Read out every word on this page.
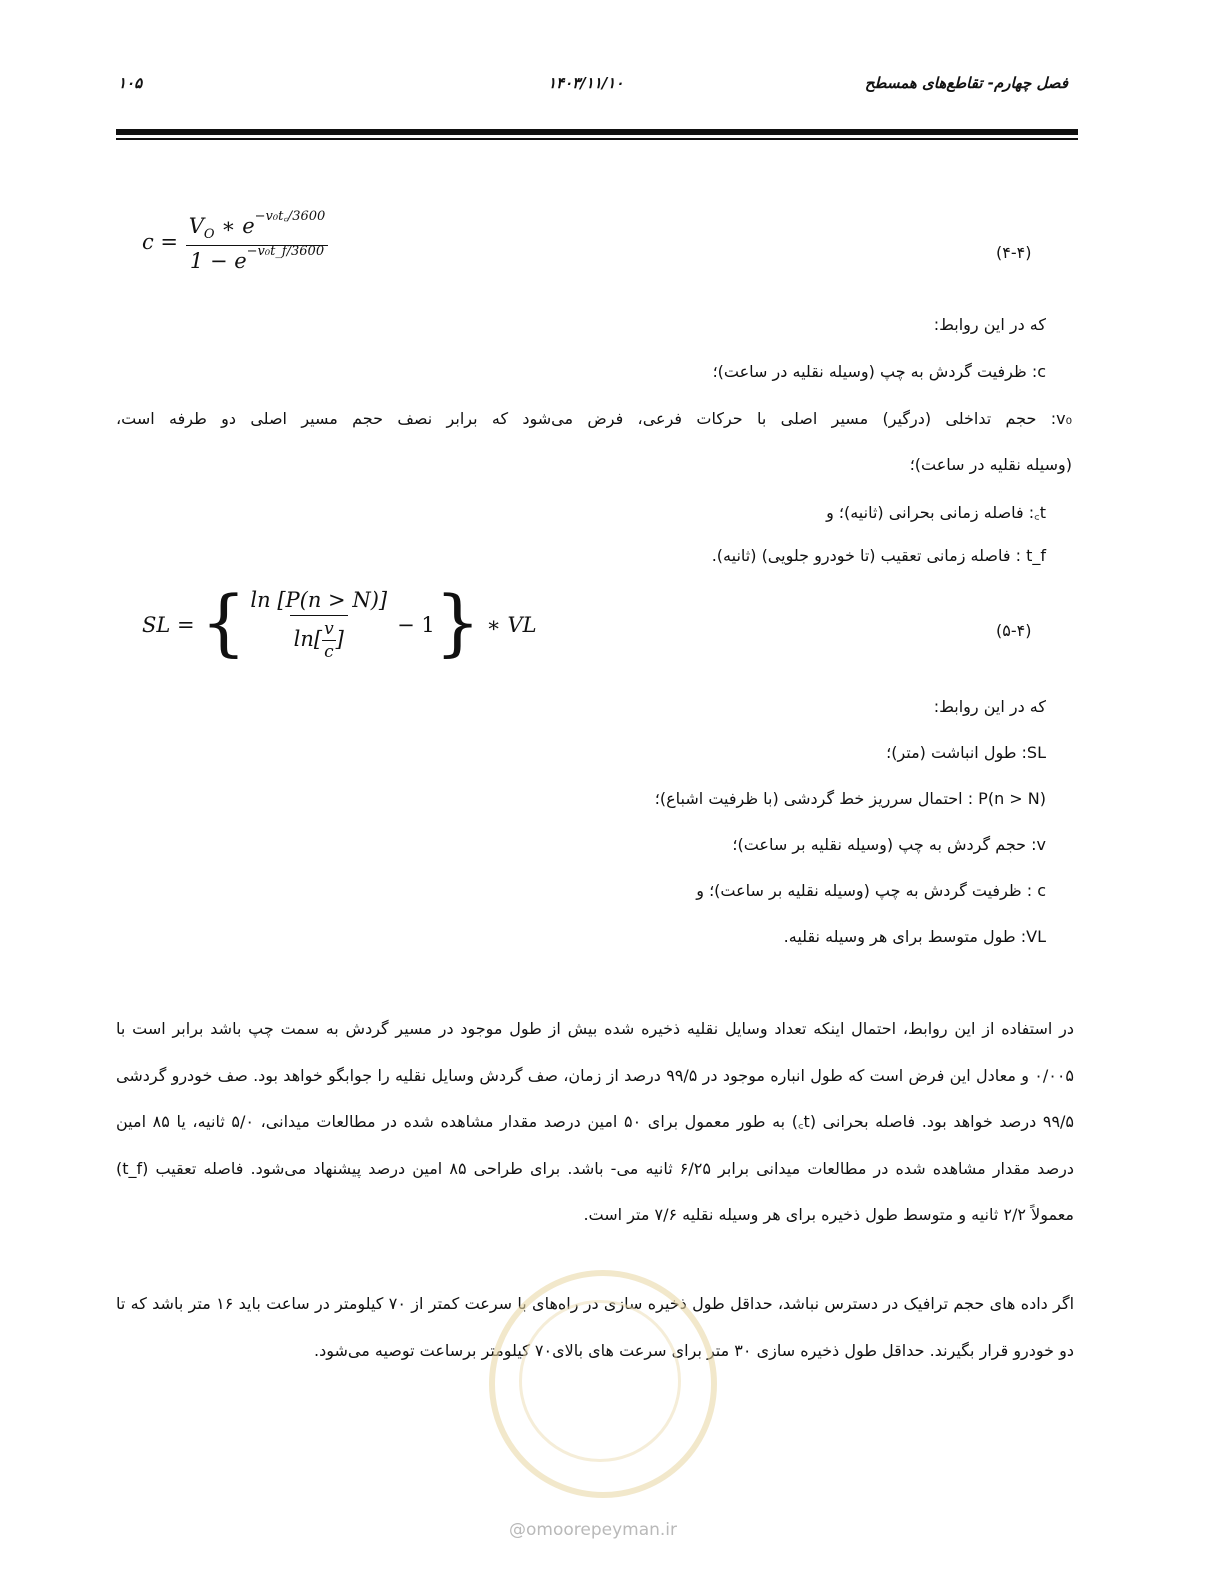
فصل چهارم- تقاطع‌های همسطح
۱۴۰۳/۱۱/۱۰
۱۰۵
$c = \frac{V_O ∗ e^{-v_0t꜀/3600}}{1 - e^{-v_0t\_f/3600}}$	(۴-۴)
که در این روابط:
c: ظرفیت گردش به چپ (وسیله نقلیه در ساعت)؛
v₀: حجم تداخلی (درگیر) مسیر اصلی با حرکات فرعی، فرض می‌شود که برابر نصف حجم مسیر اصلی دو طرفه است،
(وسیله نقلیه در ساعت)؛
t꜀: فاصله زمانی بحرانی (ثانیه)؛ و
t_f : فاصله زمانی تعقیب (تا خودرو جلویی) (ثانیه).
SL = { $\frac{\ln [P(n > N)]}{\ln[ \frac{v}{c} ]} - 1$ } ∗ VL	(۵-۴)
که در این روابط:
SL: طول انباشت (متر)؛
P(n > N) : احتمال سرریز خط گردشی (با ظرفیت اشباع)؛
v: حجم گردش به چپ (وسیله نقلیه بر ساعت)؛
c : ظرفیت گردش به چپ (وسیله نقلیه بر ساعت)؛ و
VL: طول متوسط برای هر وسیله نقلیه.
در استفاده از این روابط، احتمال اینکه تعداد وسایل نقلیه ذخیره شده بیش از طول موجود در مسیر گردش به سمت چپ باشد برابر است با ۰/۰۰۵ و معادل این فرض است که طول انباره موجود در ۹۹/۵ درصد از زمان، صف گردش وسایل نقلیه را جوابگو خواهد بود. صف خودرو گردشی ۹۹/۵ درصد خواهد بود. فاصله بحرانی (t꜀) به طور معمول برای ۵۰ امین درصد مقدار مشاهده شده در مطالعات میدانی، ۵/۰ ثانیه، یا ۸۵ امین درصد مقدار مشاهده شده در مطالعات میدانی برابر ۶/۲۵ ثانیه می- باشد. برای طراحی ۸۵ امین درصد پیشنهاد می‌شود. فاصله تعقیب (t_f) معمولاً ۲/۲ ثانیه و متوسط طول ذخیره برای هر وسیله نقلیه ۷/۶ متر است.
اگر داده های حجم ترافیک در دسترس نباشد، حداقل طول ذخیره سازی در راه‌های با سرعت کمتر از ۷۰ کیلومتر در ساعت باید ۱۶ متر باشد که تا دو خودرو قرار بگیرند. حداقل طول ذخیره سازی ۳۰ متر برای سرعت های بالای۷۰ کیلومتر برساعت توصیه می‌شود.
@omoorepeyman.ir
